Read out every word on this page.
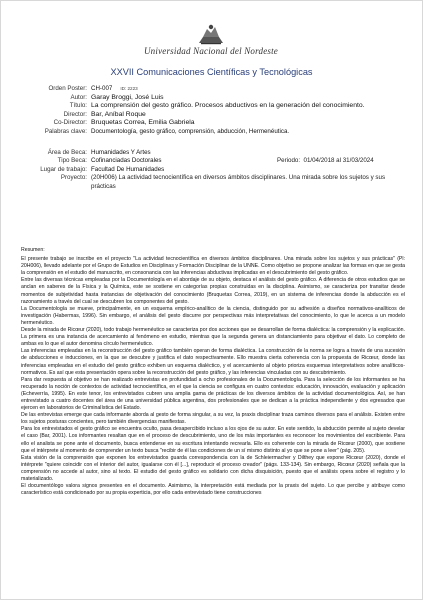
Universidad Nacional del Nordeste
XXVII Comunicaciones Científicas y Tecnológicas
Orden Poster: CH-007 ID: 2223
Autor: Garay Broggi, José Luis
Título: La comprensión del gesto gráfico. Procesos abductivos en la generación del conocimiento.
Director: Bar, Aníbal Roque
Co-Director: Bruquetas Correa, Emilia Gabriela
Palabras clave: Documentología, gesto gráfico, comprensión, abducción, Hermenéutica.
Área de Beca: Humanidades Y Artes
Tipo Beca: Cofinanciadas Doctorales	Periodo: 01/04/2018 al 31/03/2024
Lugar de trabajo: Facultad De Humanidades
Proyecto: (20H006) La actividad tecnocientífica en diversos ámbitos disciplinares. Una mirada sobre los sujetos y sus prácticas

Resumen:

El presente trabajo se inscribe en el proyecto "La actividad tecnocientífica en diversos ámbitos disciplinares. Una mirada sobre los sujetos y sus prácticas" (Pl: 20H006), llevado adelante por el Grupo de Estudios en Disciplinas y Formación Disciplinar de la UNNE. Como objetivo se propone analizar las formas en que se gesta la comprensión en el estudio del manuscrito, en consonancia con las inferencias abductivas implicadas en el descubrimiento del gesto gráfico.

Entre las diversas técnicas empleadas por la Documentología en el abordaje de su objeto, destaca el análisis del gesto gráfico. A diferencia de otros estudios que se anclan en saberes de la Física y la Química, este se sostiene en categorías propias construidas en la disciplina. Asimismo, se caracteriza por transitar desde momentos de subjetividad hasta instancias de objetivación del conocimiento (Bruquetas Correa, 2019), en un sistema de inferencias donde la abducción es el razonamiento a través del cual se descubren los componentes del gesto.

La Documentología se mueve, principalmente, en un esquema empírico-analítico de la ciencia, distinguido por su adhesión a diseños normativos-analíticos de investigación (Habermas, 1996). Sin embargo, el análisis del gesto discurre por perspectivas más interpretativas del conocimiento, lo que le acerca a un modelo hermenéutico.

Desde la mirada de Ricœur (2020), todo trabajo hermenéutico se caracteriza por dos acciones que se desarrollan de forma dialéctica: la comprensión y la explicación. La primera es una instancia de acercamiento al fenómeno en estudio, mientras que la segunda genera un distanciamiento para objetivar el dato. Lo completo de ambas es lo que el autor denomina círculo hermenéutico.

Las inferencias empleadas en la reconstrucción del gesto gráfico también operan de forma dialéctica. La construcción de la norma se logra a través de una sucesión de abducciones e inducciones, en la que se descubre y justifica el dato respectivamente. Ello muestra cierta coherencia con la propuesta de Ricœur, donde las inferencias empleadas en el estudio del gesto gráfico exhiben un esquema dialéctico, y el acercamiento al objeto prioriza esquemas interpretativos sobre analíticos-normativos. Es así que esta presentación opera sobre la reconstrucción del gesto gráfico, y las inferencias vinculadas con su descubrimiento.

Para dar respuesta al objetivo se han realizado entrevistas en profundidad a ocho profesionales de la Documentología. Para la selección de los informantes se ha recuperado la noción de contextos de actividad tecnocientífica, en el que la ciencia se configura en cuatro contextos: educación, innovación, evaluación y aplicación (Echeverría, 1995). En este tenor, los entrevistados cubren una amplia gama de prácticas de los diversos ámbitos de la actividad documentológica. Así, se han entrevistado a cuatro docentes del área de una universidad pública argentina, dos profesionales que se dedican a la práctica independiente y dos egresados que ejercen en laboratorios de Criminalística del Estado.

De las entrevistas emerge que cada informante aborda al gesto de forma singular, a su vez, la praxis disciplinar traza caminos diversos para el análisis. Existen entre los sujetos posturas concientes, pero también divergencias manifiestas.

Para los entrevistados el gesto gráfico se encuentra oculto, pasa desapercibido incluso a los ojos de su autor. En este sentido, la abducción permite al sujeto develar el caso (Bar, 2001). Los informantes resaltan que en el proceso de descubrimiento, uno de los más importantes es reconocer los movimientos del escribiente. Para ello el analista se pone ante el documento, busca entenderse en su escritura intentando recrearla. Ello es coherente con la mirada de Ricœur (2000), que sostiene que el intérprete al momento de comprender un texto busca "recibir de él las condiciones de un sí mismo distinto al yo que se pone a leer" (pág. 205).

Esta visión de la comprensión que exponen los entrevistados guarda correspondencia con la de Schleiermacher y Dilthey que expone Ricœur (2020), donde el intérprete "quiere coincidir con el interior del autor, igualarse con él [...], reproducir el proceso creador" (págs. 133-134). Sin embargo, Ricœur (2020) señala que la comprensión no accede al autor, sino al texto. El estudio del gesto gráfico es solidario con dicha disquisición, puesto que el análisis opera sobre el registro y lo materializado.

El documentólogo valora signos presentes en el documento. Asimismo, la interpretación está mediada por la praxis del sujeto. Lo que percibe y atribuye como característico está condicionado por su propia experticia, por ello cada entrevistado tiene construcciones
